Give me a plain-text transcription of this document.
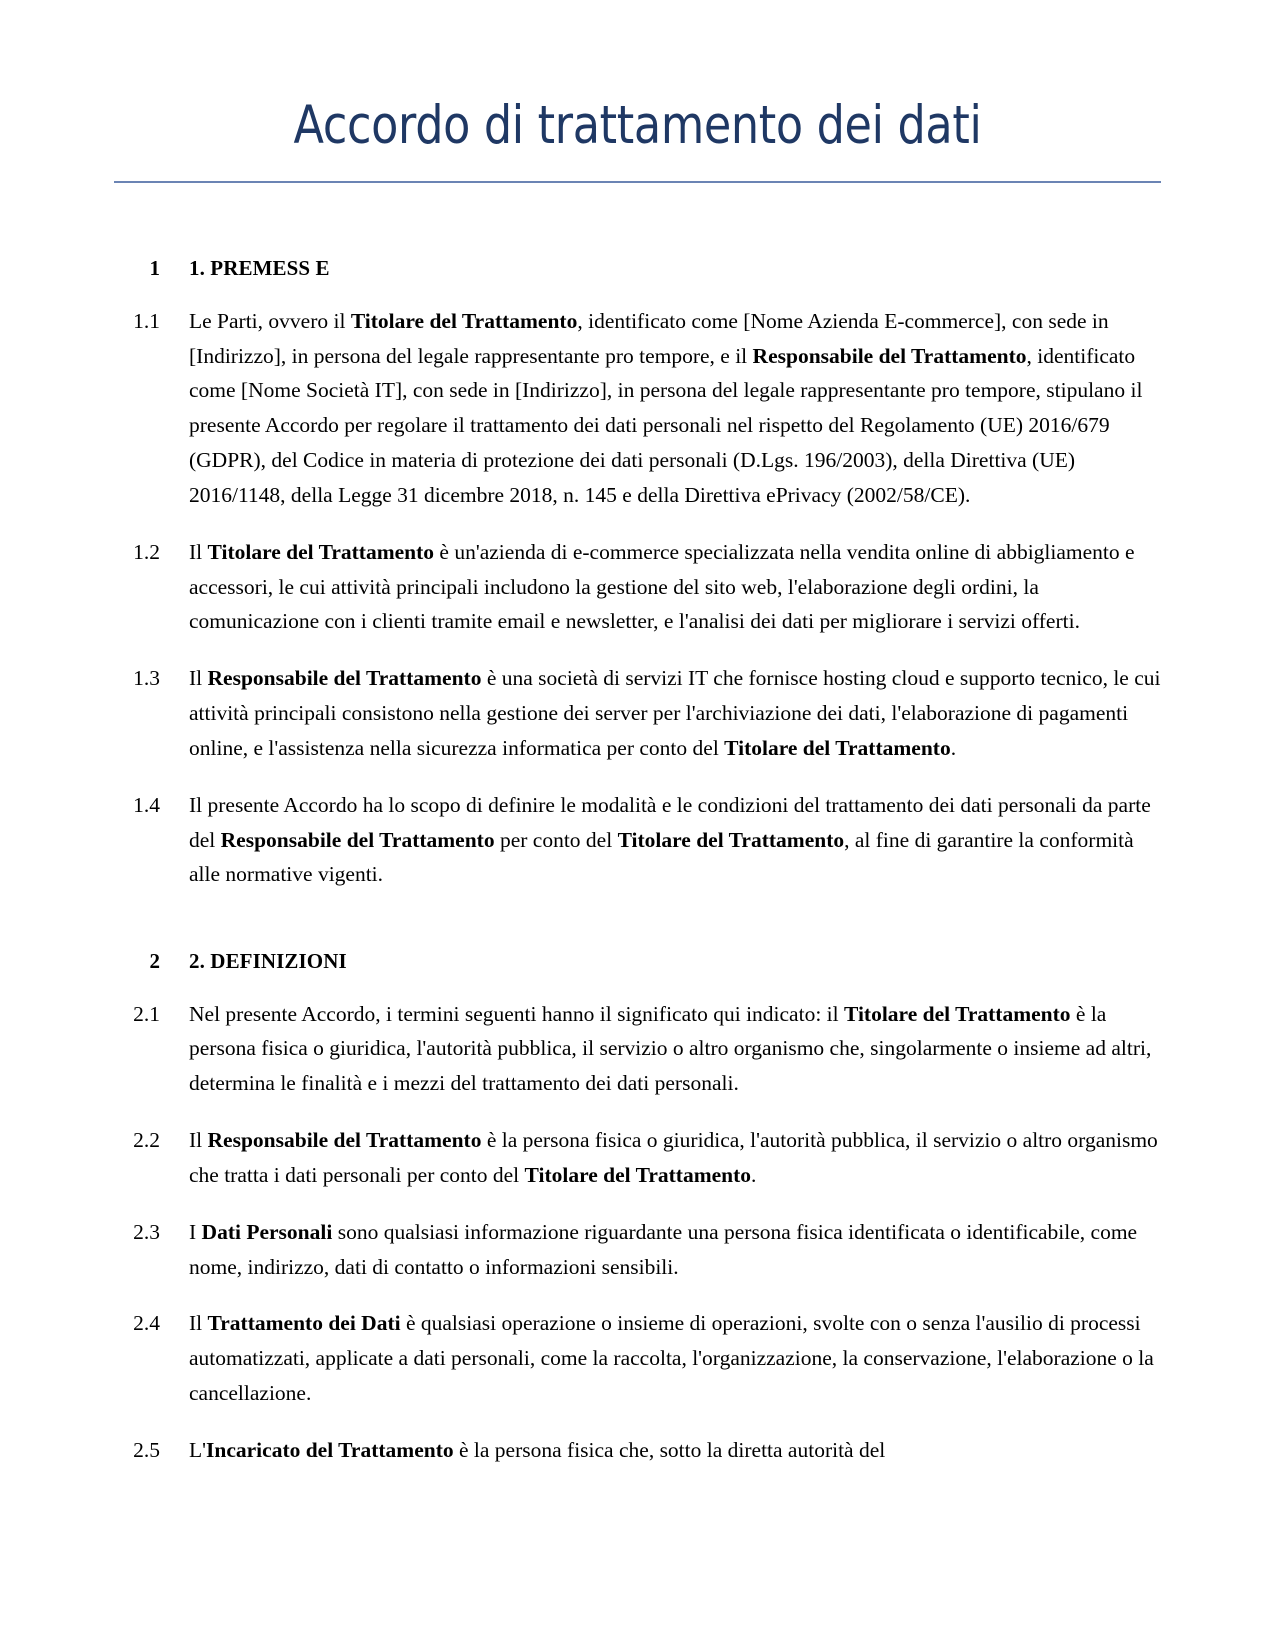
Accordo di trattamento dei dati
1 1. PREMESS E
1.1 Le Parti, ovvero il Titolare del Trattamento, identificato come [Nome Azienda E-commerce], con sede in [Indirizzo], in persona del legale rappresentante pro tempore, e il Responsabile del Trattamento, identificato come [Nome Società IT], con sede in [Indirizzo], in persona del legale rappresentante pro tempore, stipulano il presente Accordo per regolare il trattamento dei dati personali nel rispetto del Regolamento (UE) 2016/679 (GDPR), del Codice in materia di protezione dei dati personali (D.Lgs. 196/2003), della Direttiva (UE) 2016/1148, della Legge 31 dicembre 2018, n. 145 e della Direttiva ePrivacy (2002/58/CE).
1.2 Il Titolare del Trattamento è un'azienda di e-commerce specializzata nella vendita online di abbigliamento e accessori, le cui attività principali includono la gestione del sito web, l'elaborazione degli ordini, la comunicazione con i clienti tramite email e newsletter, e l'analisi dei dati per migliorare i servizi offerti.
1.3 Il Responsabile del Trattamento è una società di servizi IT che fornisce hosting cloud e supporto tecnico, le cui attività principali consistono nella gestione dei server per l'archiviazione dei dati, l'elaborazione di pagamenti online, e l'assistenza nella sicurezza informatica per conto del Titolare del Trattamento.
1.4 Il presente Accordo ha lo scopo di definire le modalità e le condizioni del trattamento dei dati personali da parte del Responsabile del Trattamento per conto del Titolare del Trattamento, al fine di garantire la conformità alle normative vigenti.
2 2. DEFINIZIONI
2.1 Nel presente Accordo, i termini seguenti hanno il significato qui indicato: il Titolare del Trattamento è la persona fisica o giuridica, l'autorità pubblica, il servizio o altro organismo che, singolarmente o insieme ad altri, determina le finalità e i mezzi del trattamento dei dati personali.
2.2 Il Responsabile del Trattamento è la persona fisica o giuridica, l'autorità pubblica, il servizio o altro organismo che tratta i dati personali per conto del Titolare del Trattamento.
2.3 I Dati Personali sono qualsiasi informazione riguardante una persona fisica identificata o identificabile, come nome, indirizzo, dati di contatto o informazioni sensibili.
2.4 Il Trattamento dei Dati è qualsiasi operazione o insieme di operazioni, svolte con o senza l'ausilio di processi automatizzati, applicate a dati personali, come la raccolta, l'organizzazione, la conservazione, l'elaborazione o la cancellazione.
2.5 L'Incaricato del Trattamento è la persona fisica che, sotto la diretta autorità del
